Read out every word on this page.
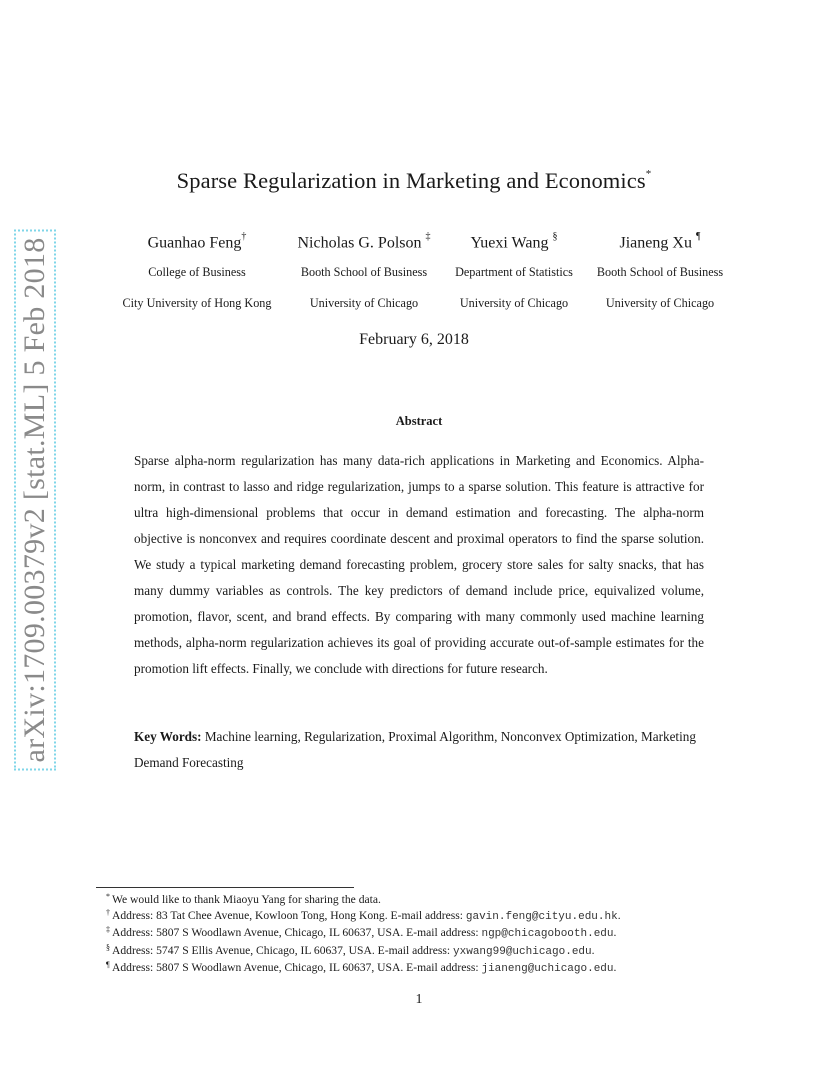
arXiv:1709.00379v2 [stat.ML] 5 Feb 2018
Sparse Regularization in Marketing and Economics*
Guanhao Feng†
College of Business
City University of Hong Kong
Nicholas G. Polson ‡
Booth School of Business
University of Chicago
Yuexi Wang §
Department of Statistics
University of Chicago
Jianeng Xu ¶
Booth School of Business
University of Chicago
February 6, 2018
Abstract
Sparse alpha-norm regularization has many data-rich applications in Marketing and Economics. Alpha-norm, in contrast to lasso and ridge regularization, jumps to a sparse solution. This feature is attractive for ultra high-dimensional problems that occur in demand estimation and forecasting. The alpha-norm objective is nonconvex and requires coordinate descent and proximal operators to find the sparse solution. We study a typical marketing demand forecasting problem, grocery store sales for salty snacks, that has many dummy variables as controls. The key predictors of demand include price, equivalized volume, promotion, flavor, scent, and brand effects. By comparing with many commonly used machine learning methods, alpha-norm regularization achieves its goal of providing accurate out-of-sample estimates for the promotion lift effects. Finally, we conclude with directions for future research.
Key Words: Machine learning, Regularization, Proximal Algorithm, Nonconvex Optimization, Marketing Demand Forecasting
* We would like to thank Miaoyu Yang for sharing the data.
† Address: 83 Tat Chee Avenue, Kowloon Tong, Hong Kong. E-mail address: gavin.feng@cityu.edu.hk.
‡ Address: 5807 S Woodlawn Avenue, Chicago, IL 60637, USA. E-mail address: ngp@chicagobooth.edu.
§ Address: 5747 S Ellis Avenue, Chicago, IL 60637, USA. E-mail address: yxwang99@uchicago.edu.
¶ Address: 5807 S Woodlawn Avenue, Chicago, IL 60637, USA. E-mail address: jianeng@uchicago.edu.
1
